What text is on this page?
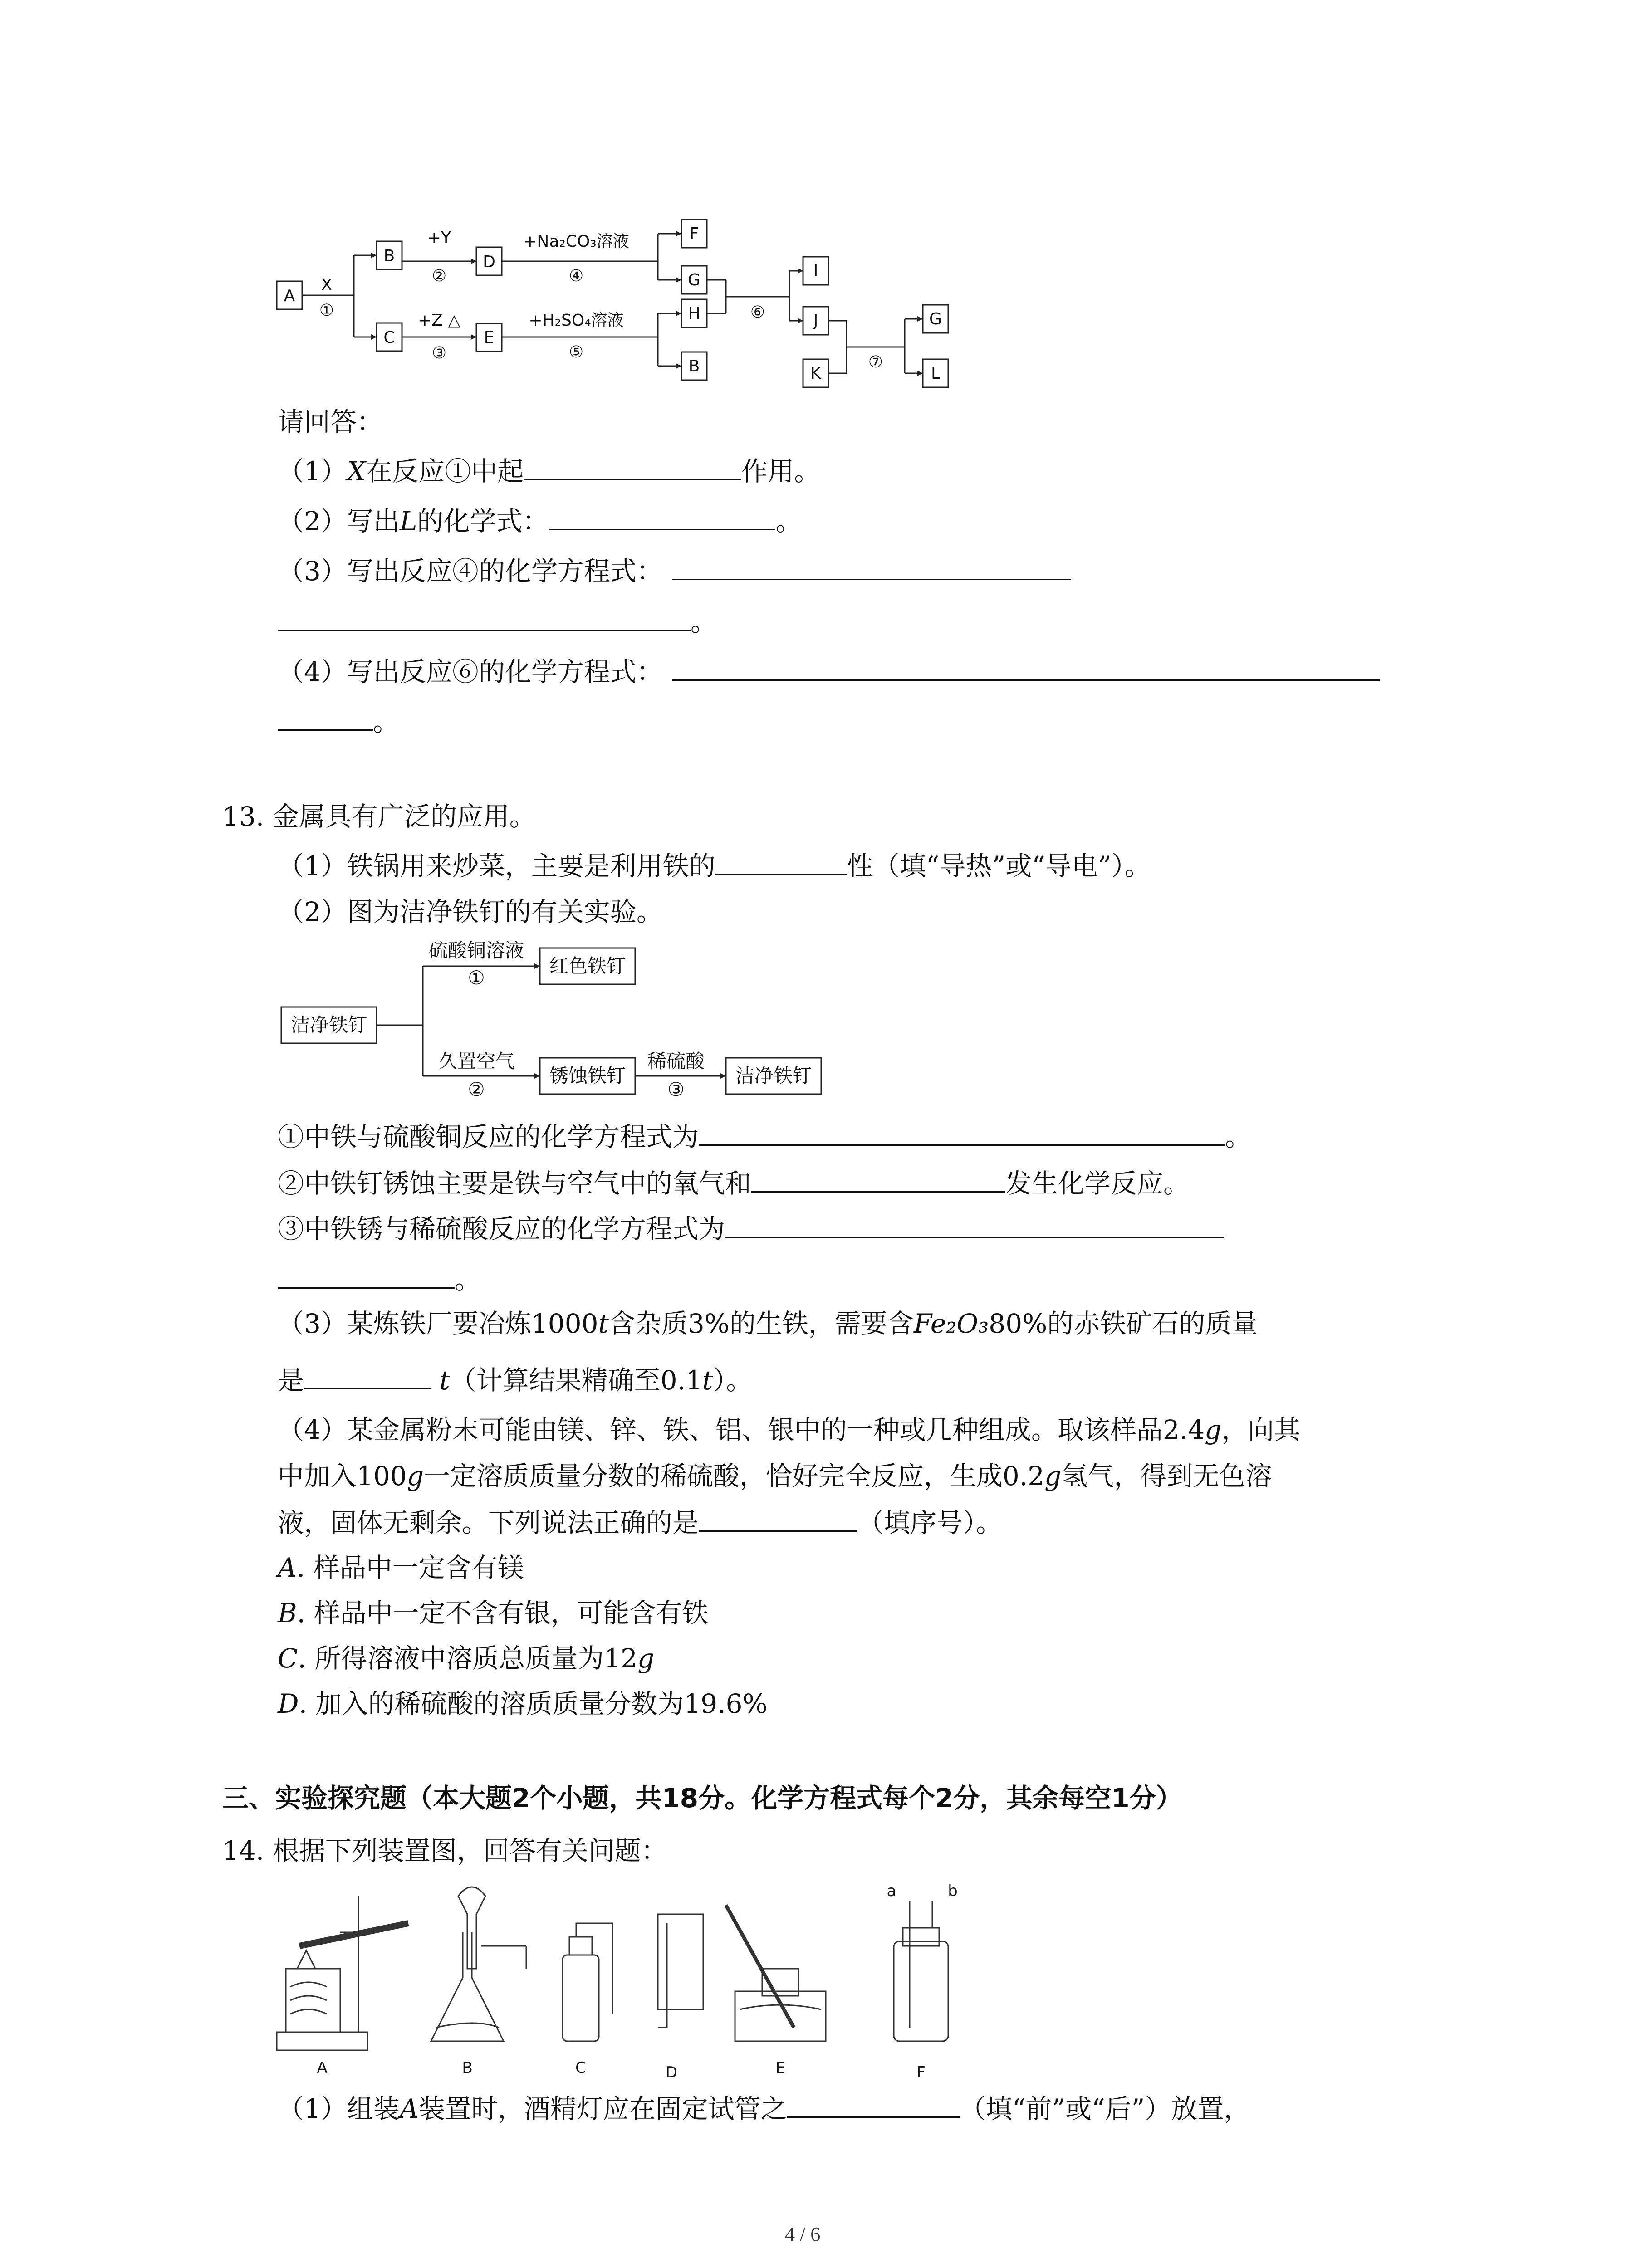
A
B
C
D
E
F
G
H
B
I
J
K
G
L
X
①
+Y
②
+Z △
③
+Na₂CO₃溶液
④
+H₂SO₄溶液
⑤
⑥
⑦
请回答：
（1）X在反应①中起	作用。
（2）写出L的化学式：	。
（3）写出反应④的化学方程式：
。
（4）写出反应⑥的化学方程式：
。
13. 金属具有广泛的应用。
（1）铁锅用来炒菜，主要是利用铁的	性（填“导热”或“导电”）。
（2）图为洁净铁钉的有关实验。
洁净铁钉
红色铁钉
锈蚀铁钉	洁净铁钉
硫酸铜溶液
①
久置空气
②
稀硫酸
③
①中铁与硫酸铜反应的化学方程式为	。
②中铁钉锈蚀主要是铁与空气中的氧气和	发生化学反应。
③中铁锈与稀硫酸反应的化学方程式为
。
（3）某炼铁厂要冶炼1000t含杂质3%的生铁，需要含Fe₂O₃80%的赤铁矿石的质量
是	t（计算结果精确至0.1t）。
（4）某金属粉末可能由镁、锌、铁、铝、银中的一种或几种组成。取该样品2.4g，向其
中加入100g一定溶质质量分数的稀硫酸，恰好完全反应，生成0.2g氢气，得到无色溶
液，固体无剩余。下列说法正确的是	（填序号）。
A. 样品中一定含有镁
B. 样品中一定不含有银，可能含有铁
C. 所得溶液中溶质总质量为12g
D. 加入的稀硫酸的溶质质量分数为19.6%
三、实验探究题（本大题2个小题，共18分。化学方程式每个2分，其余每空1分）
14. 根据下列装置图，回答有关问题：
A	B	C	D	E	F
a	b
（1）组装A装置时，酒精灯应在固定试管之	（填“前”或“后”）放置，
4 / 6
